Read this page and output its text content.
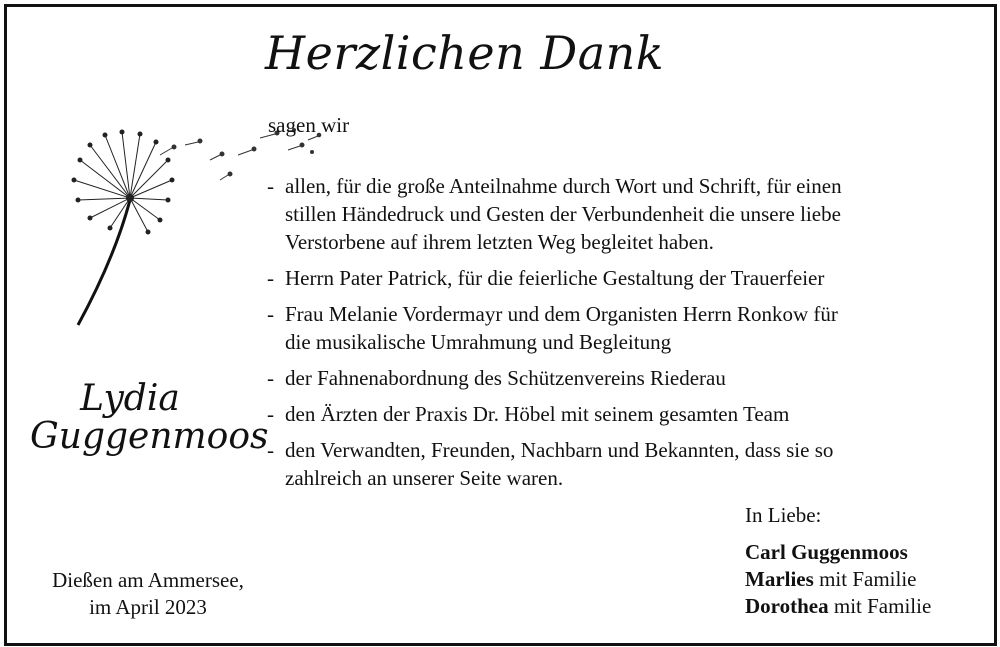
Herzlichen Dank
sagen wir
- allen, für die große Anteilnahme durch Wort und Schrift, für einen
stillen Händedruck und Gesten der Verbundenheit die unsere liebe
Verstorbene auf ihrem letzten Weg begleitet haben.
- Herrn Pater Patrick, für die feierliche Gestaltung der Trauerfeier
- Frau Melanie Vordermayr und dem Organisten Herrn Ronkow für
die musikalische Umrahmung und Begleitung
- der Fahnenabordnung des Schützenvereins Riederau
- den Ärzten der Praxis Dr. Höbel mit seinem gesamten Team
- den Verwandten, Freunden, Nachbarn und Bekannten, dass sie so
zahlreich an unserer Seite waren.
Lydia
Guggenmoos
Dießen am Ammersee,
im April 2023
In Liebe:
Carl Guggenmoos
Marlies mit Familie
Dorothea mit Familie
